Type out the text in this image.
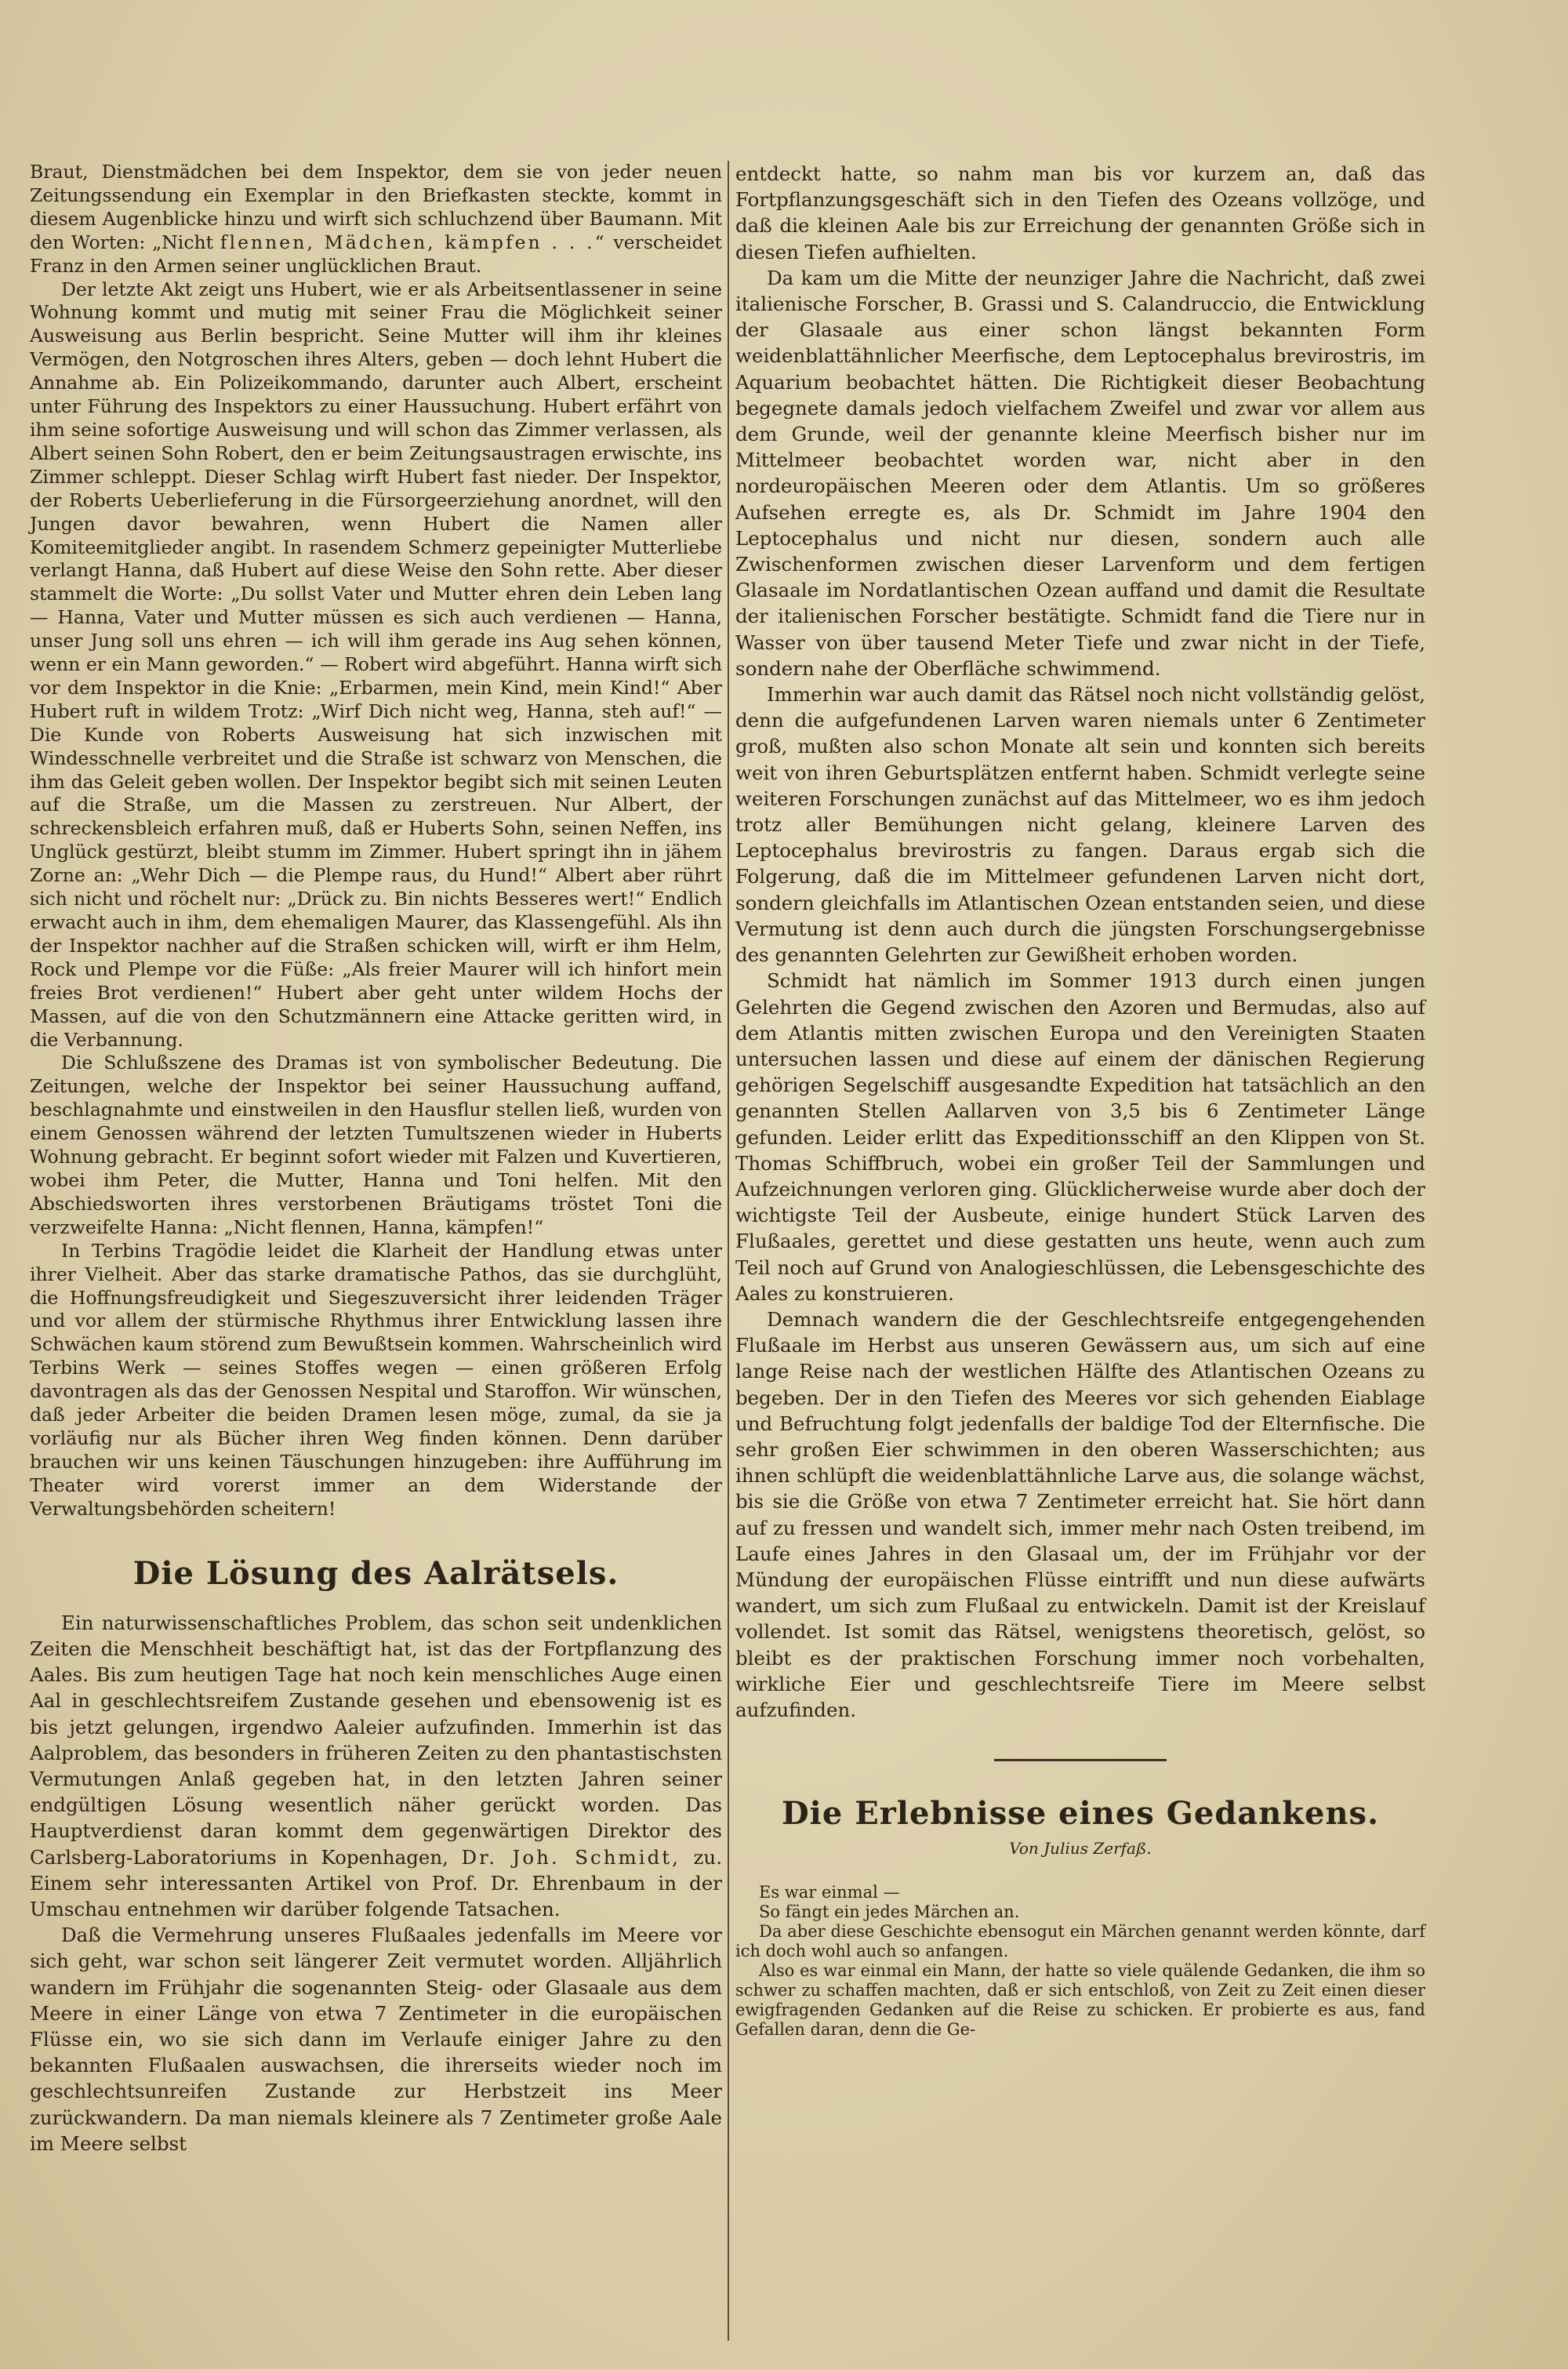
Braut, Dienstmädchen bei dem Inspektor, dem sie von jeder neuen Zeitungssendung ein Exemplar in den Briefkasten steckte, kommt in diesem Augenblicke hinzu und wirft sich schluchzend über Baumann. Mit den Worten: „Nicht flennen, Mädchen, kämpfen . . .“ verscheidet Franz in den Armen seiner unglücklichen Braut.

Der letzte Akt zeigt uns Hubert, wie er als Arbeitsentlassener in seine Wohnung kommt und mutig mit seiner Frau die Möglichkeit seiner Ausweisung aus Berlin bespricht. Seine Mutter will ihm ihr kleines Vermögen, den Notgroschen ihres Alters, geben — doch lehnt Hubert die Annahme ab. Ein Polizeikommando, darunter auch Albert, erscheint unter Führung des Inspektors zu einer Haussuchung. Hubert erfährt von ihm seine sofortige Ausweisung und will schon das Zimmer verlassen, als Albert seinen Sohn Robert, den er beim Zeitungsaustragen erwischte, ins Zimmer schleppt. Dieser Schlag wirft Hubert fast nieder. Der Inspektor, der Roberts Ueberlieferung in die Fürsorgeerziehung anordnet, will den Jungen davor bewahren, wenn Hubert die Namen aller Komiteemitglieder angibt. In rasendem Schmerz gepeinigter Mutterliebe verlangt Hanna, daß Hubert auf diese Weise den Sohn rette. Aber dieser stammelt die Worte: „Du sollst Vater und Mutter ehren dein Leben lang — Hanna, Vater und Mutter müssen es sich auch verdienen — Hanna, unser Jung soll uns ehren — ich will ihm gerade ins Aug sehen können, wenn er ein Mann geworden.“ — Robert wird abgeführt. Hanna wirft sich vor dem Inspektor in die Knie: „Erbarmen, mein Kind, mein Kind!“ Aber Hubert ruft in wildem Trotz: „Wirf Dich nicht weg, Hanna, steh auf!“ — Die Kunde von Roberts Ausweisung hat sich inzwischen mit Windesschnelle verbreitet und die Straße ist schwarz von Menschen, die ihm das Geleit geben wollen. Der Inspektor begibt sich mit seinen Leuten auf die Straße, um die Massen zu zerstreuen. Nur Albert, der schreckensbleich erfahren muß, daß er Huberts Sohn, seinen Neffen, ins Unglück gestürzt, bleibt stumm im Zimmer. Hubert springt ihn in jähem Zorne an: „Wehr Dich — die Plempe raus, du Hund!“ Albert aber rührt sich nicht und röchelt nur: „Drück zu. Bin nichts Besseres wert!“ Endlich erwacht auch in ihm, dem ehemaligen Maurer, das Klassengefühl. Als ihn der Inspektor nachher auf die Straßen schicken will, wirft er ihm Helm, Rock und Plempe vor die Füße: „Als freier Maurer will ich hinfort mein freies Brot verdienen!“ Hubert aber geht unter wildem Hochs der Massen, auf die von den Schutzmännern eine Attacke geritten wird, in die Verbannung.

Die Schlußszene des Dramas ist von symbolischer Bedeutung. Die Zeitungen, welche der Inspektor bei seiner Haussuchung auffand, beschlagnahmte und einstweilen in den Hausflur stellen ließ, wurden von einem Genossen während der letzten Tumultszenen wieder in Huberts Wohnung gebracht. Er beginnt sofort wieder mit Falzen und Kuvertieren, wobei ihm Peter, die Mutter, Hanna und Toni helfen. Mit den Abschiedsworten ihres verstorbenen Bräutigams tröstet Toni die verzweifelte Hanna: „Nicht flennen, Hanna, kämpfen!“

In Terbins Tragödie leidet die Klarheit der Handlung etwas unter ihrer Vielheit. Aber das starke dramatische Pathos, das sie durchglüht, die Hoffnungsfreudigkeit und Siegeszuversicht ihrer leidenden Träger und vor allem der stürmische Rhythmus ihrer Entwicklung lassen ihre Schwächen kaum störend zum Bewußtsein kommen. Wahrscheinlich wird Terbins Werk — seines Stoffes wegen — einen größeren Erfolg davontragen als das der Genossen Nespital und Staroffon. Wir wünschen, daß jeder Arbeiter die beiden Dramen lesen möge, zumal, da sie ja vorläufig nur als Bücher ihren Weg finden können. Denn darüber brauchen wir uns keinen Täuschungen hinzugeben: ihre Aufführung im Theater wird vorerst immer an dem Widerstande der Verwaltungsbehörden scheitern!

Die Lösung des Aalrätsels.

Ein naturwissenschaftliches Problem, das schon seit undenklichen Zeiten die Menschheit beschäftigt hat, ist das der Fortpflanzung des Aales. Bis zum heutigen Tage hat noch kein menschliches Auge einen Aal in geschlechtsreifem Zustande gesehen und ebensowenig ist es bis jetzt gelungen, irgendwo Aaleier aufzufinden. Immerhin ist das Aalproblem, das besonders in früheren Zeiten zu den phantastischsten Vermutungen Anlaß gegeben hat, in den letzten Jahren seiner endgültigen Lösung wesentlich näher gerückt worden. Das Hauptverdienst daran kommt dem gegenwärtigen Direktor des Carlsberg-Laboratoriums in Kopenhagen, Dr. Joh. Schmidt, zu. Einem sehr interessanten Artikel von Prof. Dr. Ehrenbaum in der Umschau entnehmen wir darüber folgende Tatsachen.

Daß die Vermehrung unseres Flußaales jedenfalls im Meere vor sich geht, war schon seit längerer Zeit vermutet worden. Alljährlich wandern im Frühjahr die sogenannten Steig- oder Glasaale aus dem Meere in einer Länge von etwa 7 Zentimeter in die europäischen Flüsse ein, wo sie sich dann im Verlaufe einiger Jahre zu den bekannten Flußaalen auswachsen, die ihrerseits wieder noch im geschlechtsunreifen Zustande zur Herbstzeit ins Meer zurückwandern. Da man niemals kleinere als 7 Zentimeter große Aale im Meere selbst

entdeckt hatte, so nahm man bis vor kurzem an, daß das Fortpflanzungsgeschäft sich in den Tiefen des Ozeans vollzöge, und daß die kleinen Aale bis zur Erreichung der genannten Größe sich in diesen Tiefen aufhielten.

Da kam um die Mitte der neunziger Jahre die Nachricht, daß zwei italienische Forscher, B. Grassi und S. Calandruccio, die Entwicklung der Glasaale aus einer schon längst bekannten Form weidenblattähnlicher Meerfische, dem Leptocephalus brevirostris, im Aquarium beobachtet hätten. Die Richtigkeit dieser Beobachtung begegnete damals jedoch vielfachem Zweifel und zwar vor allem aus dem Grunde, weil der genannte kleine Meerfisch bisher nur im Mittelmeer beobachtet worden war, nicht aber in den nordeuropäischen Meeren oder dem Atlantis. Um so größeres Aufsehen erregte es, als Dr. Schmidt im Jahre 1904 den Leptocephalus und nicht nur diesen, sondern auch alle Zwischenformen zwischen dieser Larvenform und dem fertigen Glasaale im Nordatlantischen Ozean auffand und damit die Resultate der italienischen Forscher bestätigte. Schmidt fand die Tiere nur in Wasser von über tausend Meter Tiefe und zwar nicht in der Tiefe, sondern nahe der Oberfläche schwimmend.

Immerhin war auch damit das Rätsel noch nicht vollständig gelöst, denn die aufgefundenen Larven waren niemals unter 6 Zentimeter groß, mußten also schon Monate alt sein und konnten sich bereits weit von ihren Geburtsplätzen entfernt haben. Schmidt verlegte seine weiteren Forschungen zunächst auf das Mittelmeer, wo es ihm jedoch trotz aller Bemühungen nicht gelang, kleinere Larven des Leptocephalus brevirostris zu fangen. Daraus ergab sich die Folgerung, daß die im Mittelmeer gefundenen Larven nicht dort, sondern gleichfalls im Atlantischen Ozean entstanden seien, und diese Vermutung ist denn auch durch die jüngsten Forschungsergebnisse des genannten Gelehrten zur Gewißheit erhoben worden.

Schmidt hat nämlich im Sommer 1913 durch einen jungen Gelehrten die Gegend zwischen den Azoren und Bermudas, also auf dem Atlantis mitten zwischen Europa und den Vereinigten Staaten untersuchen lassen und diese auf einem der dänischen Regierung gehörigen Segelschiff ausgesandte Expedition hat tatsächlich an den genannten Stellen Aallarven von 3,5 bis 6 Zentimeter Länge gefunden. Leider erlitt das Expeditionsschiff an den Klippen von St. Thomas Schiffbruch, wobei ein großer Teil der Sammlungen und Aufzeichnungen verloren ging. Glücklicherweise wurde aber doch der wichtigste Teil der Ausbeute, einige hundert Stück Larven des Flußaales, gerettet und diese gestatten uns heute, wenn auch zum Teil noch auf Grund von Analogieschlüssen, die Lebensgeschichte des Aales zu konstruieren.

Demnach wandern die der Geschlechtsreife entgegengehenden Flußaale im Herbst aus unseren Gewässern aus, um sich auf eine lange Reise nach der westlichen Hälfte des Atlantischen Ozeans zu begeben. Der in den Tiefen des Meeres vor sich gehenden Eiablage und Befruchtung folgt jedenfalls der baldige Tod der Elternfische. Die sehr großen Eier schwimmen in den oberen Wasserschichten; aus ihnen schlüpft die weidenblattähnliche Larve aus, die solange wächst, bis sie die Größe von etwa 7 Zentimeter erreicht hat. Sie hört dann auf zu fressen und wandelt sich, immer mehr nach Osten treibend, im Laufe eines Jahres in den Glasaal um, der im Frühjahr vor der Mündung der europäischen Flüsse eintrifft und nun diese aufwärts wandert, um sich zum Flußaal zu entwickeln. Damit ist der Kreislauf vollendet. Ist somit das Rätsel, wenigstens theoretisch, gelöst, so bleibt es der praktischen Forschung immer noch vorbehalten, wirkliche Eier und geschlechtsreife Tiere im Meere selbst aufzufinden.

Die Erlebnisse eines Gedankens.
Von Julius Zerfaß.

Es war einmal —

So fängt ein jedes Märchen an.

Da aber diese Geschichte ebensogut ein Märchen genannt werden könnte, darf ich doch wohl auch so anfangen.

Also es war einmal ein Mann, der hatte so viele quälende Gedanken, die ihm so schwer zu schaffen machten, daß er sich entschloß, von Zeit zu Zeit einen dieser ewigfragenden Gedanken auf die Reise zu schicken. Er probierte es aus, fand Gefallen daran, denn die Ge-
